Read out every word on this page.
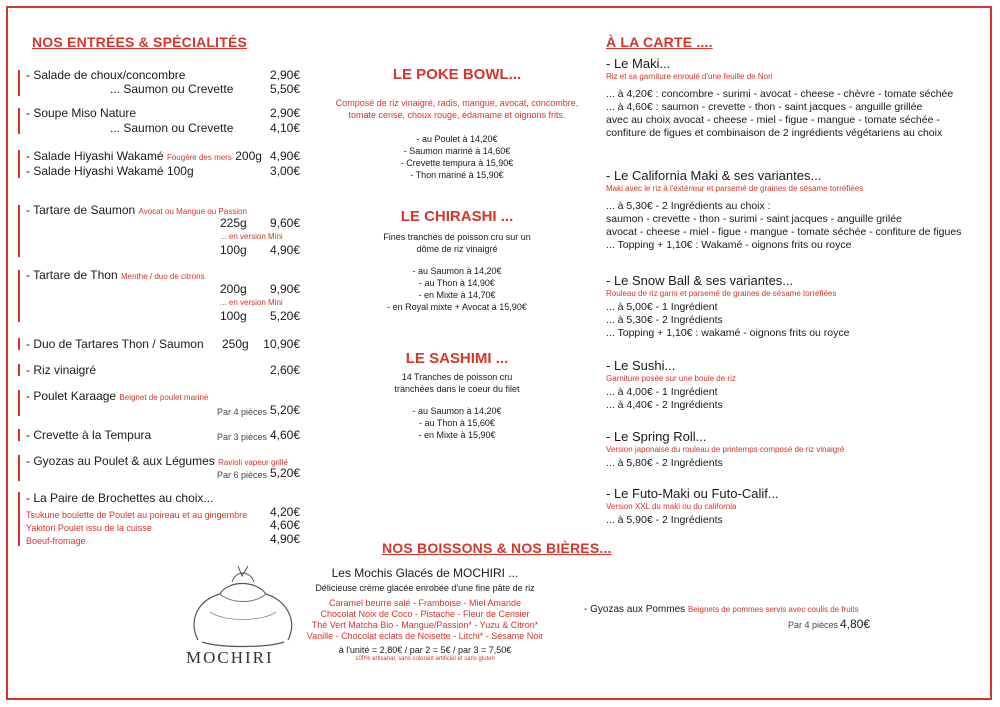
NOS ENTRÉES & SPÉCIALITÉS
- Salade de choux/concombre	2,90€
... Saumon ou Crevette	5,50€
- Soupe Miso Nature	2,90€
... Saumon ou Crevette	4,10€
- Salade Hiyashi Wakamé Fougère des mers 200g 4,90€
- Salade Hiyashi Wakamé 100g	3,00€
- Tartare de Saumon Avocat ou Mangue ou Passion
225g	9,60€
... en version Mini
100g	4,90€
- Tartare de Thon Menthe / duo de citrons
200g	9,90€
... en version Mini
100g	5,20€
- Duo de Tartares Thon / Saumon 250g	10,90€
- Riz vinaigré	2,60€
- Poulet Karaage Beignet de poulet mariné
Par 4 pièces 5,20€
- Crevette à la Tempura	Par 3 pièces 4,60€
- Gyozas au Poulet & aux Légumes Ravioli vapeur grillé
Par 6 pièces 5,20€
- La Paire de Brochettes au choix...
Tsukune boulette de Poulet au poireau et au gingembre	4,20€
Yakitori Poulet issu de la cuisse	4,60€
Boeuf-fromage	4,90€
LE POKE BOWL...
Composé de riz vinaigré, radis, mangue, avocat, concombre, tomate cerise, choux rouge, édamame et oignons frits.
- au Poulet à 14,20€
- Saumon mariné à 14,60€
- Crevette tempura à 15,90€
- Thon mariné à 15,90€
LE CHIRASHI ...
Fines tranches de poisson cru sur un dôme de riz vinaigré
- au Saumon à 14,20€
- au Thon à 14,90€
- en Mixte à 14,70€
- en Royal mixte + Avocat à 15,90€
LE SASHIMI ...
14 Tranches de poisson cru tranchées dans le coeur du filet
- au Saumon à 14,20€
- au Thon à 15,60€
- en Mixte à 15,90€
À LA CARTE ....
- Le Maki...
Riz et sa garniture enroulé d'une feuille de Nori
... à 4,20€ : concombre - surimi - avocat - cheese - chèvre - tomate séchée
... à 4,60€ : saumon - crevette - thon - saint jacques - anguille grillée
avec au choix avocat - cheese - miel - figue - mangue - tomate séchée -
confiture de figues et combinaison de 2 ingrédients végétariens au choix
- Le California Maki & ses variantes...
Maki avec le riz à l'extérieur et parsemé de graines de sésame torréfiées
... à 5,30€ - 2 Ingrédients au choix :
saumon - crevette - thon - surimi - saint jacques - anguille grilée
avocat - cheese - miel - figue - mangue - tomate séchée - confiture de figues
... Topping + 1,10€ : Wakamé - oignons frits ou royce
- Le Snow Ball & ses variantes...
Rouleau de riz garni et parsemé de graines de sésame torréfiées
... à 5,00€ - 1 Ingrédient
... à 5,30€ - 2 Ingrédients
... Topping + 1,10€ : wakamé - oignons frits ou royce
- Le Sushi...
Garniture posée sur une boule de riz
... à 4,00€ - 1 Ingrédient
... à 4,40€ - 2 Ingrédients
- Le Spring Roll...
Version japonaise du rouleau de printemps composé de riz vinaigré
... à 5,80€ - 2 Ingrédients
- Le Futo-Maki ou Futo-Calif...
Version XXL du maki ou du california
... à 5,90€ - 2 Ingrédients
NOS BOISSONS & NOS BIÈRES...
MOCHIRI
Les Mochis Glacés de MOCHIRI ...
Délicieuse crème glacée enrobée d'une fine pâte de riz
Caramel beurre salé - Framboise - Miel Amande
Chocolat Noix de Coco - Pistache - Fleur de Cerisier
Thé Vert Matcha Bio - Mangue/Passion* - Yuzu & Citron*
Vanille - Chocolat éclats de Noisette - Litchi* - Sésame Noir
à l'unité = 2,80€ / par 2 = 5€ / par 3 = 7,50€
100% artisanal, sans colorant artificiel et sans gluten
- Gyozas aux Pommes Beignets de pommes servis avec coulis de fruits
Par 4 pièces 4,80€
